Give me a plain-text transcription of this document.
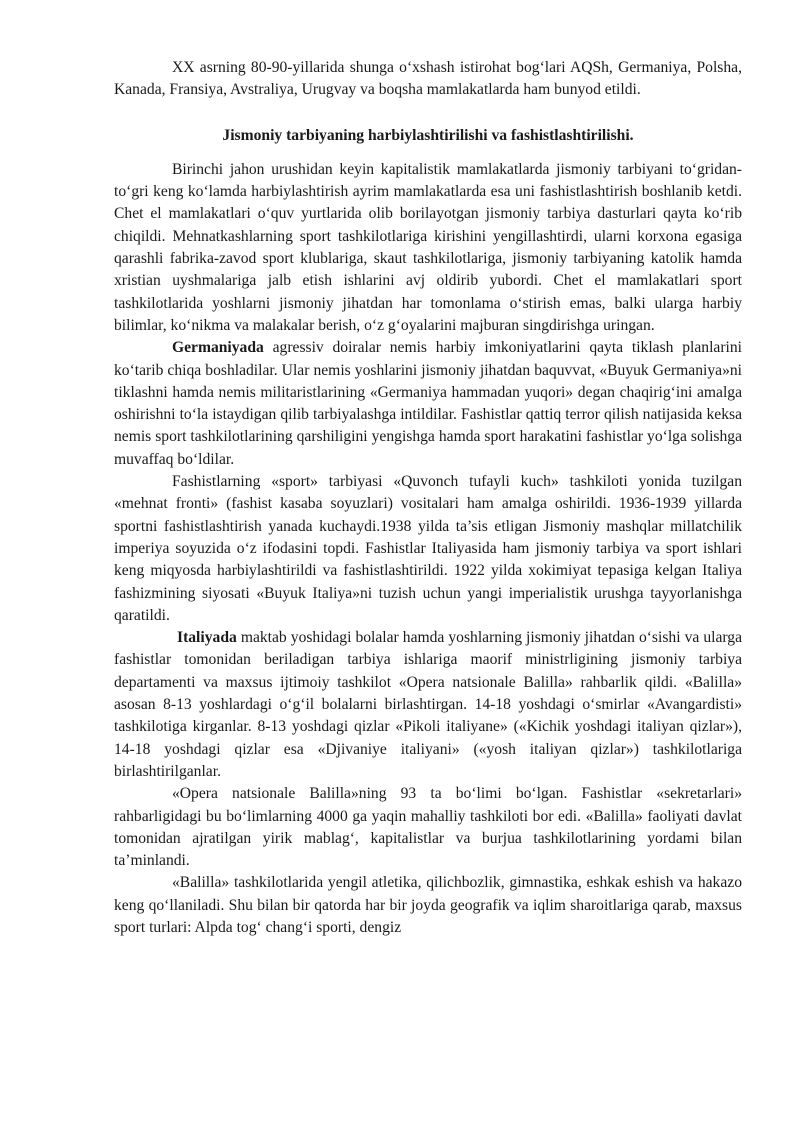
XX asrning 80-90-yillarida shunga o‘xshash istirohat bog‘lari AQSh, Germaniya, Polsha, Kanada, Fransiya, Avstraliya, Urugvay va boqsha mamlakatlarda ham bunyod etildi.

Jismoniy tarbiyaning harbiylashtirilishi va fashistlashtirilishi.

Birinchi jahon urushidan keyin kapitalistik mamlakatlarda jismoniy tarbiyani to‘gridan-to‘gri keng ko‘lamda harbiylashtirish ayrim mamlakatlarda esa uni fashistlashtirish boshlanib ketdi. Chet el mamlakatlari o‘quv yurtlarida olib borilayotgan jismoniy tarbiya dasturlari qayta ko‘rib chiqildi. Mehnatkashlarning sport tashkilotlariga kirishini yengillashtirdi, ularni korxona egasiga qarashli fabrika-zavod sport klublariga, skaut tashkilotlariga, jismoniy tarbiyaning katolik hamda xristian uyshmalariga jalb etish ishlarini avj oldirib yubordi. Chet el mamlakatlari sport tashkilotlarida yoshlarni jismoniy jihatdan har tomonlama o‘stirish emas, balki ularga harbiy bilimlar, ko‘nikma va malakalar berish, o‘z g‘oyalarini majburan singdirishga uringan.

Germaniyada agressiv doiralar nemis harbiy imkoniyatlarini qayta tiklash planlarini ko‘tarib chiqa boshladilar. Ular nemis yoshlarini jismoniy jihatdan baquvvat, «Buyuk Germaniya»ni tiklashni hamda nemis militaristlarining «Germaniya hammadan yuqori» degan chaqirig‘ini amalga oshirishni to‘la istaydigan qilib tarbiyalashga intildilar. Fashistlar qattiq terror qilish natijasida keksa nemis sport tashkilotlarining qarshiligini yengishga hamda sport harakatini fashistlar yo‘lga solishga muvaffaq bo‘ldilar.

Fashistlarning «sport» tarbiyasi «Quvonch tufayli kuch» tashkiloti yonida tuzilgan «mehnat fronti» (fashist kasaba soyuzlari) vositalari ham amalga oshirildi. 1936-1939 yillarda sportni fashistlashtirish yanada kuchaydi.1938 yilda ta’sis etligan Jismoniy mashqlar millatchilik imperiya soyuzida o‘z ifodasini topdi. Fashistlar Italiyasida ham jismoniy tarbiya va sport ishlari keng miqyosda harbiylashtirildi va fashistlashtirildi. 1922 yilda xokimiyat tepasiga kelgan Italiya fashizmining siyosati «Buyuk Italiya»ni tuzish uchun yangi imperialistik urushga tayyorlanishga qaratildi.

Italiyada maktab yoshidagi bolalar hamda yoshlarning jismoniy jihatdan o‘sishi va ularga fashistlar tomonidan beriladigan tarbiya ishlariga maorif ministrligining jismoniy tarbiya departamenti va maxsus ijtimoiy tashkilot «Opera natsionale Balilla» rahbarlik qildi. «Balilla» asosan 8-13 yoshlardagi o‘g‘il bolalarni birlashtirgan. 14-18 yoshdagi o‘smirlar «Avangardisti» tashkilotiga kirganlar. 8-13 yoshdagi qizlar «Pikoli italiyane» («Kichik yoshdagi italiyan qizlar»), 14-18 yoshdagi qizlar esa «Djivaniye italiyani» («yosh italiyan qizlar») tashkilotlariga birlashtirilganlar.

«Opera natsionale Balilla»ning 93 ta bo‘limi bo‘lgan. Fashistlar «sekretarlari» rahbarligidagi bu bo‘limlarning 4000 ga yaqin mahalliy tashkiloti bor edi. «Balilla» faoliyati davlat tomonidan ajratilgan yirik mablag‘, kapitalistlar va burjua tashkilotlarining yordami bilan ta’minlandi.

«Balilla» tashkilotlarida yengil atletika, qilichbozlik, gimnastika, eshkak eshish va hakazo keng qo‘llaniladi. Shu bilan bir qatorda har bir joyda geografik va iqlim sharoitlariga qarab, maxsus sport turlari: Alpda tog‘ chang‘i sporti, dengiz
